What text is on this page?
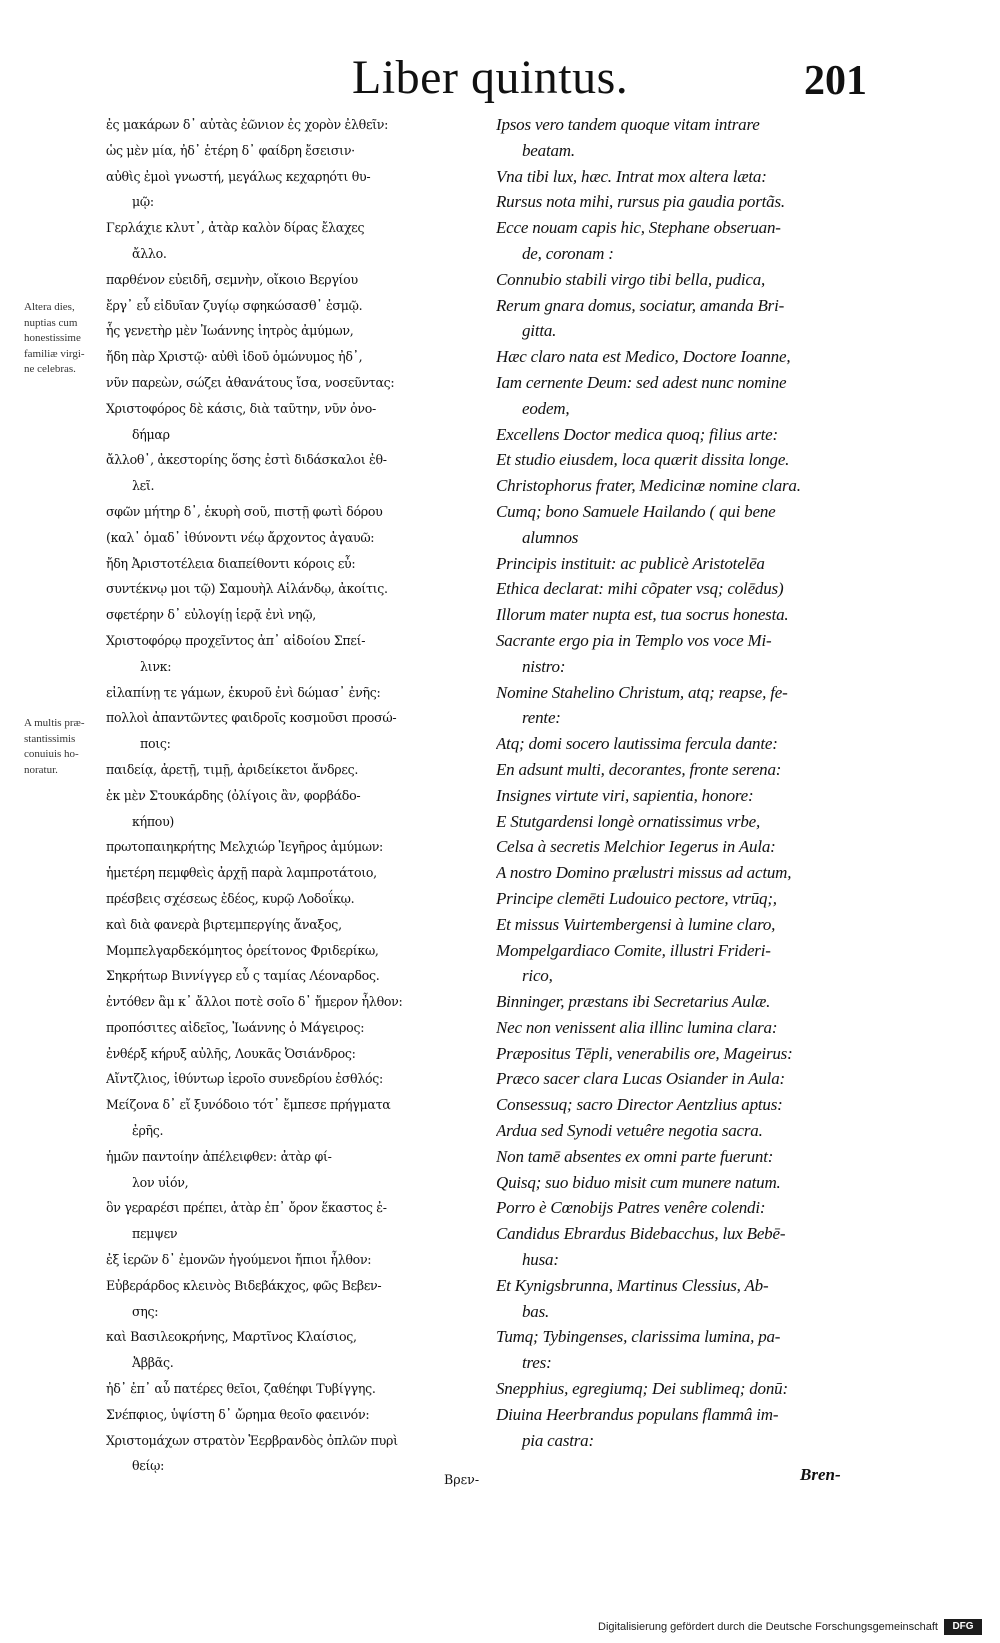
Liber quintus.	201
Altera dies,
nuptias cum
honestissime
familiæ virgi-
ne celebras.
A multis præ-
stantissimis
conuiuis ho-
noratur.
ἐς μακάρων δ᾽ αὐτὰς ἐῶνιον ἐς χορὸν ἐλθεῖν:
ὡς μὲν μία, ἠδ᾽ ἑτέρη δ᾽ φαίδρη ἔσεισιν·
αὐθὶς ἐμοὶ γνωστή, μεγάλως κεχαρηότι θυ-
μῷ:
Γερλάχιε κλυτ᾽, ἀτὰρ καλὸν δίρας ἔλαχες
ἄλλο.
παρθένον εὐειδῆ, σεμνὴν, οἴκοιο Βεργίου
ἔργ᾽ εὖ εἰδυῖαν ζυγίῳ σφηκώσασθ᾽ ἐσμῷ.
ἧς γενετὴρ μὲν Ἰωάννης ἰητρὸς ἀμύμων,
ἤδη πὰρ Χριστῷ· αὐθὶ ἰδοῦ ὁμώνυμος ἠδ᾽,
νῦν παρεὼν, σώζει ἀθανάτους ἴσα, νοσεῦντας:
Χριστοφόρος δὲ κάσις, διὰ ταῦτην, νῦν ὀνο-
δήμαρ
ἄλλοθ᾽, ἀκεστορίης ὅσης ἐστὶ διδάσκαλοι ἐθ-
λεῖ.
σφῶν μήτηρ δ᾽, ἑκυρὴ σοῦ, πιστῇ φωτὶ δόρου
(καλ᾽ ὁμαδ᾽ ἰθύνοντι νέῳ ἄρχοντος ἀγαυῶ:
ἤδη Ἀριστοτέλεια διαπείθοντι κόροις εὖ:
συντέκνῳ μοι τῷ) Σαμουὴλ Αἱλάνδῳ, ἀκοίτις.
σφετέρην δ᾽ εὐλογίῃ ἱερᾷ ἐνὶ νηῷ,
Χριστοφόρῳ προχεῖντος ἀπ᾽ αἰδοίου Σπεί-
λινκ:
εἰλαπίνῃ τε γάμων, ἑκυροῦ ἐνὶ δώμασ᾽ ἐνῆς:
πολλοὶ ἀπαντῶντες φαιδροῖς κοσμοῦσι προσώ-
ποις:
παιδείᾳ, ἀρετῇ, τιμῇ, ἀριδείκετοι ἄνδρες.
ἐκ μὲν Στουκάρδης (ὀλίγοις ἂν, φορβάδο-
κήπου)
πρωτοπαιηκρήτης Μελχιώρ Ἰεγῆρος ἀμύμων:
ἡμετέρη πεμφθεὶς ἀρχῇ παρὰ λαμπροτάτοιο,
πρέσβεις σχέσεως ἐδέος, κυρῷ Λοδοΐκῳ.
καὶ διὰ φανερὰ βιρτεμπεργίης ἄναξος,
Μομπελγαρδεκόμητος ὁρείτονος Φριδερίκω,
Σηκρήτωρ Βιννίγγερ εὖ ς ταμίας Λέοναρδος.
ἐντόθεν ἂμ κ᾽ ἄλλοι ποτὲ σοῖο δ᾽ ἤμερον ἦλθον:
προπόσιτες αἰδεῖος, Ἰωάννης ὁ Μάγειρος:
ἐνθέρξ κήρυξ αὐλῆς, Λουκᾶς Ὀσιάνδρος:
Αἴντζλιος, ἰθύντωρ ἱεροῖο συνεδρίου ἐσθλός:
Μείζονα δ᾽ εἴ ξυνόδοιο τότ᾽ ἔμπεσε πρήγματα
ἐρῆς.
ἡμῶν παντοίην ἀπέλειφθεν: ἀτὰρ φί-
λον υἱόν,
ὃν γεραρέσι πρέπει, ἀτὰρ ἐπ᾽ ὄρον ἕκαστος ἐ-
πεμψεν
ἐξ ἱερῶν δ᾽ ἐμονῶν ἡγούμενοι ἤπιοι ἦλθον:
Εὐβεράρδος κλεινὸς Βιδεβάκχος, φῶς Βεβεν-
σης:
καὶ Βασιλεοκρήνης, Μαρτῖνος Κλαίσιος,
Ἀββᾶς.
ἠδ᾽ ἐπ᾽ αὖ πατέρες θεῖοι, ζαθέηφι Τυβίγγης.
Σνέπφιος, ὑψίστη δ᾽ ὤρημα θεοῖο φαεινόν:
Χριστομάχων στρατὸν Ἑερβρανδὸς ὀπλῶν πυρὶ
θείῳ:
Ipsos vero tandem quoque vitam intrare
beatam.
Vna tibi lux, hæc. Intrat mox altera læta:
Rursus nota mihi, rursus pia gaudia portãs.
Ecce nouam capis hic, Stephane obseruan-
de, coronam :
Connubio stabili virgo tibi bella, pudica,
Rerum gnara domus, sociatur, amanda Bri-
gitta.
Hæc claro nata est Medico, Doctore Ioanne,
Iam cernente Deum: sed adest nunc nomine
eodem,
Excellens Doctor medica quoq; filius arte:
Et studio eiusdem, loca quærit dissita longe.
Christophorus frater, Medicinæ nomine clara.
Cumq; bono Samuele Hailando ( qui bene
alumnos
Principis instituit: ac publicè Aristotelēa
Ethica declarat: mihi cõpater vsq; colēdus)
Illorum mater nupta est, tua socrus honesta.
Sacrante ergo pia in Templo vos voce Mi-
nistro:
Nomine Stahelino Christum, atq; reapse, fe-
rente:
Atq; domi socero lautissima fercula dante:
En adsunt multi, decorantes, fronte serena:
Insignes virtute viri, sapientia, honore:
E Stutgardensi longè ornatissimus vrbe,
Celsa à secretis Melchior Iegerus in Aula:
A nostro Domino prælustri missus ad actum,
Principe clemēti Ludouico pectore, vtrūq;,
Et missus Vuirtembergensi à lumine claro,
Mompelgardiaco Comite, illustri Frideri-
rico,
Binninger, præstans ibi Secretarius Aulæ.
Nec non venissent alia illinc lumina clara:
Præpositus Tēpli, venerabilis ore, Mageirus:
Præco sacer clara Lucas Osiander in Aula:
Consessuq; sacro Director Aentzlius aptus:
Ardua sed Synodi vetuêre negotia sacra.
Non tamē absentes ex omni parte fuerunt:
Quisq; suo biduo misit cum munere natum.
Porro è Cœnobijs Patres venêre colendi:
Candidus Ebrardus Bidebacchus, lux Bebē-
husa:
Et Kynigsbrunna, Martinus Clessius, Ab-
bas.
Tumq; Tybingenses, clarissima lumina, pa-
tres:
Snepphius, egregiumq; Dei sublimeq; donū:
Diuina Heerbrandus populans flammâ im-
pia castra:
Βρεν-	Bren-
Digitalisierung gefördert durch die Deutsche Forschungsgemeinschaft	DFG
